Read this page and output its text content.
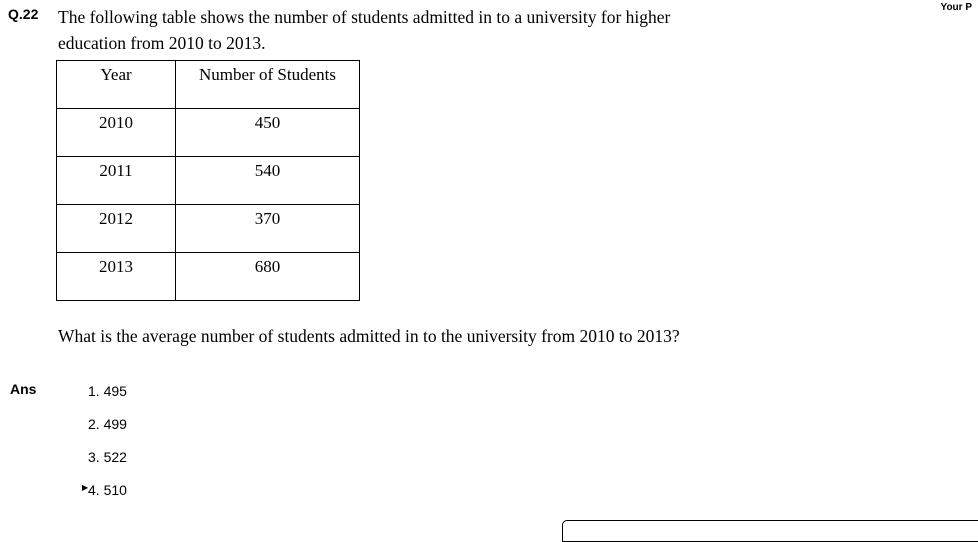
Q.22	Your P
The following table shows the number of students admitted in to a university for higher education from 2010 to 2013.
Year	Number of Students

2010	450

2011	540

2012	370

2013	680
What is the average number of students admitted in to the university from 2010 to 2013?
Ans	1. 495
2. 499
3. 522
▶ 4. 510
